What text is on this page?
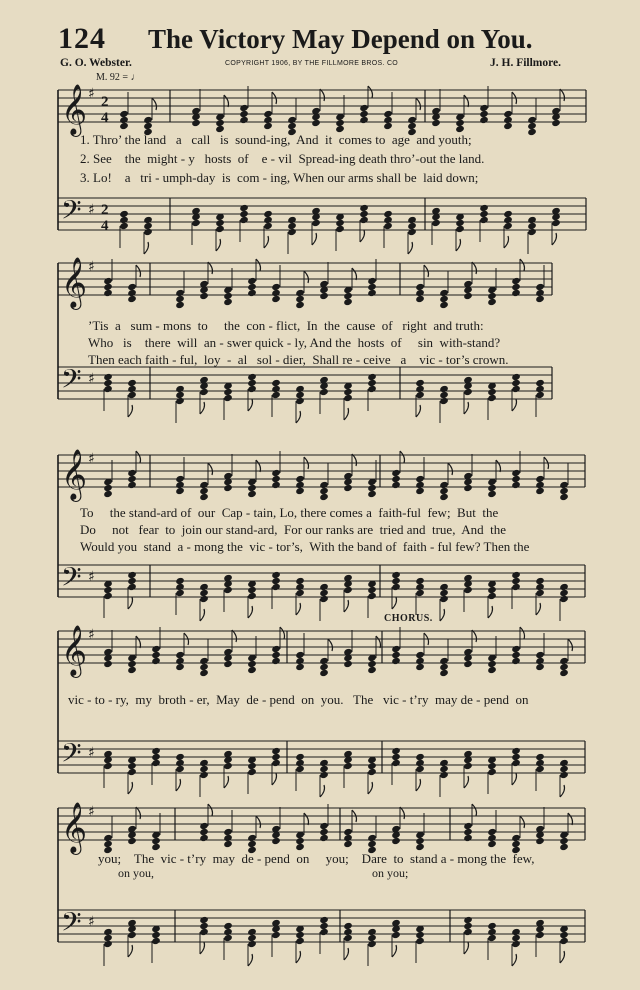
124 The Victory May Depend on You.
G. O. Webster.	COPYRIGHT 1906, BY THE FILLMORE BROS. CO	J. H. Fillmore.
M. 92 = ♩
𝄞 ♯ 2
4
𝄢 ♯ 2
4
1. Thro’ the land   a   call   is  sound-ing,  And  it  comes to  age  and youth;
2. See    the  might - y   hosts  of    e - vil  Spread-ing death thro’-out the land.
3. Lo!    a   tri - umph-day  is  com - ing, When our arms shall be  laid down;
𝄞 ♯
𝄢 ♯
’Tis  a   sum - mons  to     the  con - flict,  In  the  cause  of   right  and truth:
Who   is    there  will  an - swer quick - ly, And the  hosts  of     sin  with-stand?
Then each faith - ful,  loy  -  al   sol - dier,  Shall re - ceive   a    vic - tor’s crown.
𝄞 ♯
𝄢 ♯
To     the stand-ard of  our  Cap - tain, Lo, there comes a  faith-ful  few;  But  the
Do     not   fear  to  join our stand-ard,  For our ranks are  tried and  true,  And  the
Would you  stand  a - mong the  vic - tor’s,  With the band of  faith - ful few? Then the
CHORUS.
𝄞 ♯
𝄢 ♯
vic - to - ry,  my  broth - er,  May  de - pend  on  you.   The   vic - t’ry  may de - pend  on
𝄞 ♯
𝄢 ♯
you;    The  vic - t’ry  may  de - pend  on     you;    Dare  to  stand a - mong the  few,
on you,	on you;
